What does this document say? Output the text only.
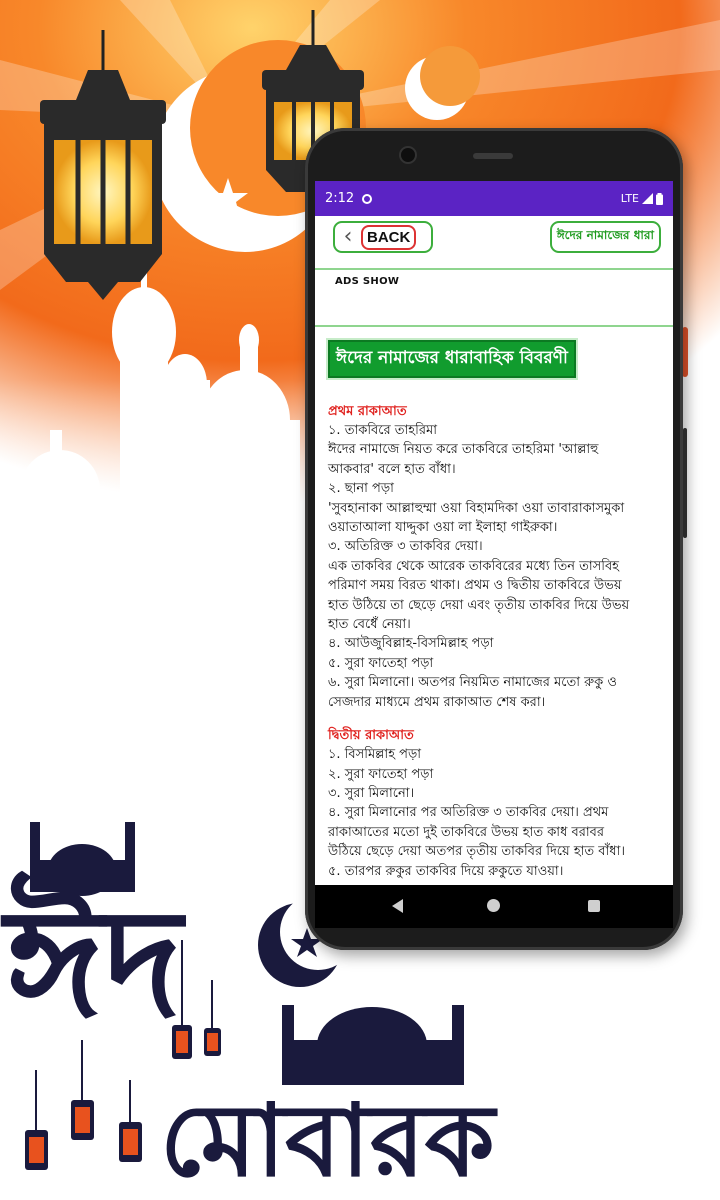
ঈদ
মোবারক
2:12	LTE
‹ BACK	ঈদের নামাজের ধারা
ADS SHOW
ঈদের নামাজের ধারাবাহিক বিবরণী
প্রথম রাকাআত
১. তাকবিরে তাহরিমা
ঈদের নামাজে নিয়ত করে তাকবিরে তাহরিমা 'আল্লাহু
আকবার' বলে হাত বাঁধা।
২. ছানা পড়া
'সুবহানাকা আল্লাহুম্মা ওয়া বিহামদিকা ওয়া তাবারাকাসমুকা
ওয়াতাআলা যাদ্দুকা ওয়া লা ইলাহা গাইরুকা।
৩. অতিরিক্ত ৩ তাকবির দেয়া।
এক তাকবির থেকে আরেক তাকবিরের মধ্যে তিন তাসবিহ
পরিমাণ সময় বিরত থাকা। প্রথম ও দ্বিতীয় তাকবিরে উভয়
হাত উঠিয়ে তা ছেড়ে দেয়া এবং তৃতীয় তাকবির দিয়ে উভয়
হাত বেধেঁ নেয়া।
৪. আউজুবিল্লাহ-বিসমিল্লাহ পড়া
৫. সুরা ফাতেহা পড়া
৬. সুরা মিলানো। অতপর নিয়মিত নামাজের মতো রুকু ও
সেজদার মাধ্যমে প্রথম রাকাআত শেষ করা।
দ্বিতীয় রাকাআত
১. বিসমিল্লাহ পড়া
২. সুরা ফাতেহা পড়া
৩. সুরা মিলানো।
৪. সুরা মিলানোর পর অতিরিক্ত ৩ তাকবির দেয়া। প্রথম
রাকাআতের মতো দুই তাকবিরে উভয় হাত কাধ বরাবর
উঠিয়ে ছেড়ে দেয়া অতপর তৃতীয় তাকবির দিয়ে হাত বাঁধা।
৫. তারপর রুকুর তাকবির দিয়ে রুকুতে যাওয়া।
